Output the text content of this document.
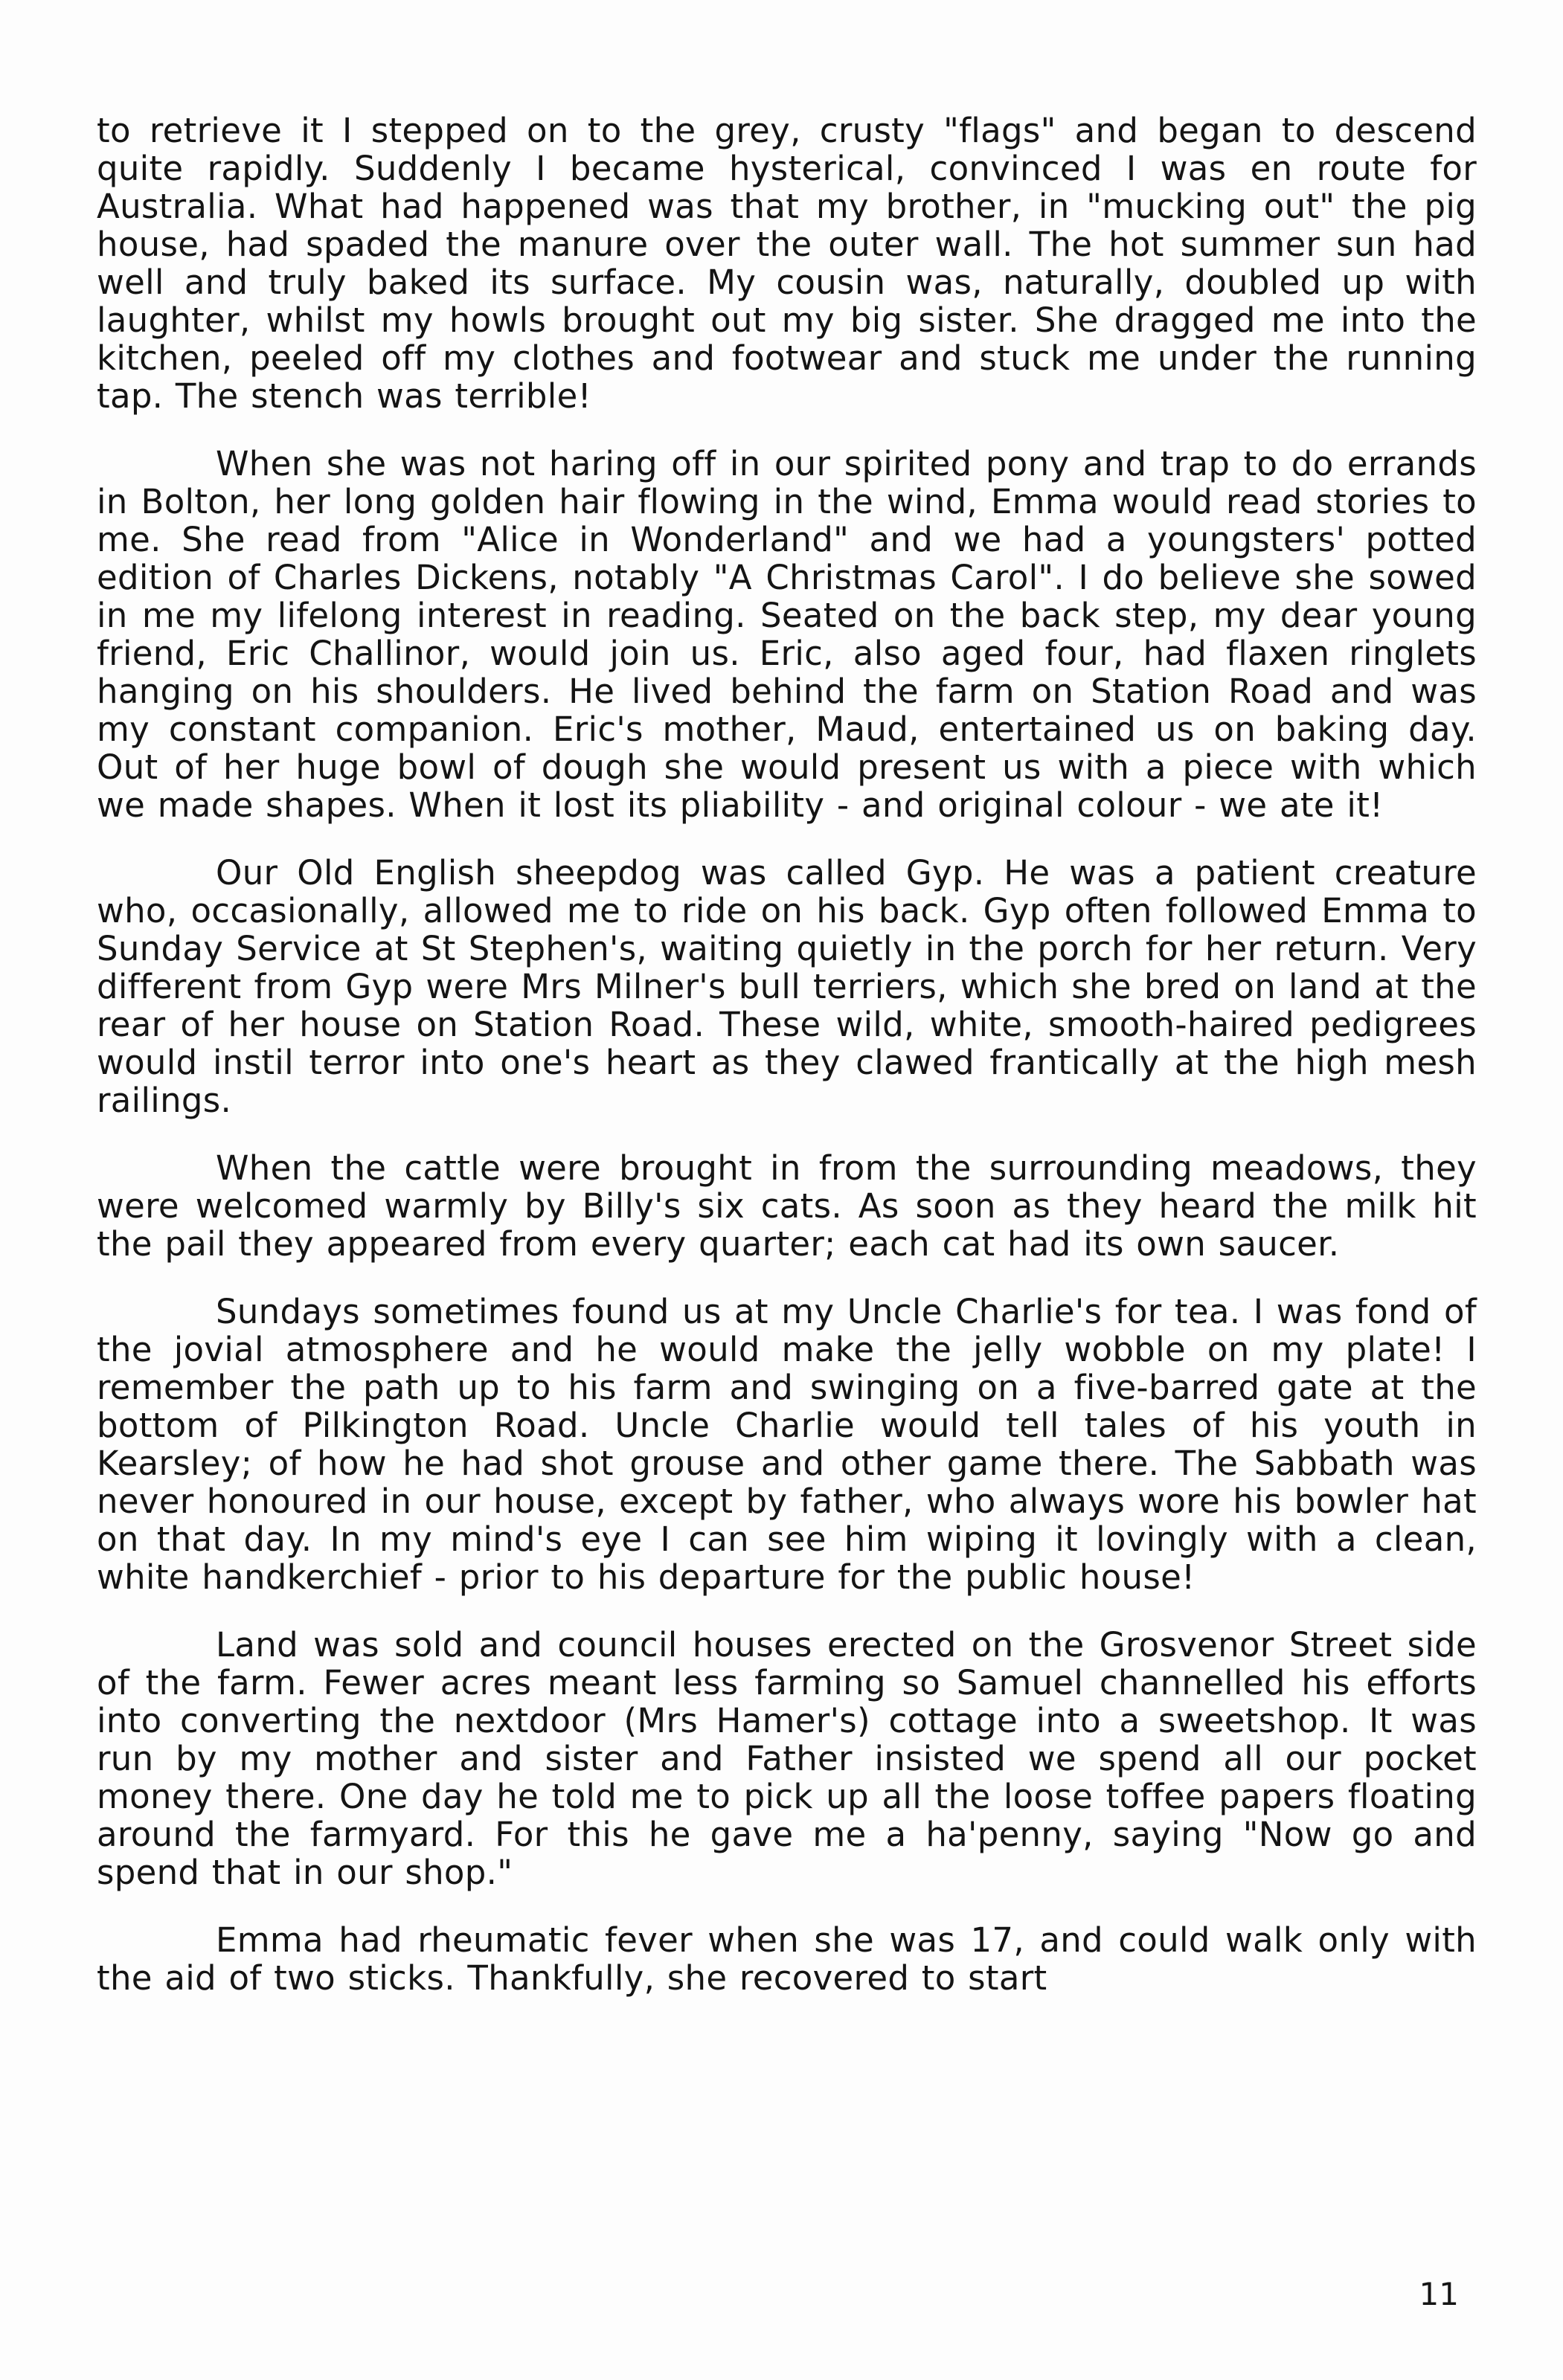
to retrieve it I stepped on to the grey, crusty "flags" and began to descend quite rapidly. Suddenly I became hysterical, convinced I was en route for Australia. What had happened was that my brother, in "mucking out" the pig house, had spaded the manure over the outer wall. The hot summer sun had well and truly baked its surface. My cousin was, naturally, doubled up with laughter, whilst my howls brought out my big sister. She dragged me into the kitchen, peeled off my clothes and footwear and stuck me under the running tap. The stench was terrible!

When she was not haring off in our spirited pony and trap to do errands in Bolton, her long golden hair flowing in the wind, Emma would read stories to me. She read from "Alice in Wonderland" and we had a youngsters' potted edition of Charles Dickens, notably "A Christmas Carol". I do believe she sowed in me my lifelong interest in reading. Seated on the back step, my dear young friend, Eric Challinor, would join us. Eric, also aged four, had flaxen ringlets hanging on his shoulders. He lived behind the farm on Station Road and was my constant companion. Eric's mother, Maud, entertained us on baking day. Out of her huge bowl of dough she would present us with a piece with which we made shapes. When it lost its pliability - and original colour - we ate it!

Our Old English sheepdog was called Gyp. He was a patient creature who, occasionally, allowed me to ride on his back. Gyp often followed Emma to Sunday Service at St Stephen's, waiting quietly in the porch for her return. Very different from Gyp were Mrs Milner's bull terriers, which she bred on land at the rear of her house on Station Road. These wild, white, smooth-haired pedigrees would instil terror into one's heart as they clawed frantically at the high mesh railings.

When the cattle were brought in from the surrounding meadows, they were welcomed warmly by Billy's six cats. As soon as they heard the milk hit the pail they appeared from every quarter; each cat had its own saucer.

Sundays sometimes found us at my Uncle Charlie's for tea. I was fond of the jovial atmosphere and he would make the jelly wobble on my plate! I remember the path up to his farm and swinging on a five-barred gate at the bottom of Pilkington Road. Uncle Charlie would tell tales of his youth in Kearsley; of how he had shot grouse and other game there. The Sabbath was never honoured in our house, except by father, who always wore his bowler hat on that day. In my mind's eye I can see him wiping it lovingly with a clean, white handkerchief - prior to his departure for the public house!

Land was sold and council houses erected on the Grosvenor Street side of the farm. Fewer acres meant less farming so Samuel channelled his efforts into converting the nextdoor (Mrs Hamer's) cottage into a sweetshop. It was run by my mother and sister and Father insisted we spend all our pocket money there. One day he told me to pick up all the loose toffee papers floating around the farmyard. For this he gave me a ha'penny, saying "Now go and spend that in our shop."

Emma had rheumatic fever when she was 17, and could walk only with the aid of two sticks. Thankfully, she recovered to start

11
